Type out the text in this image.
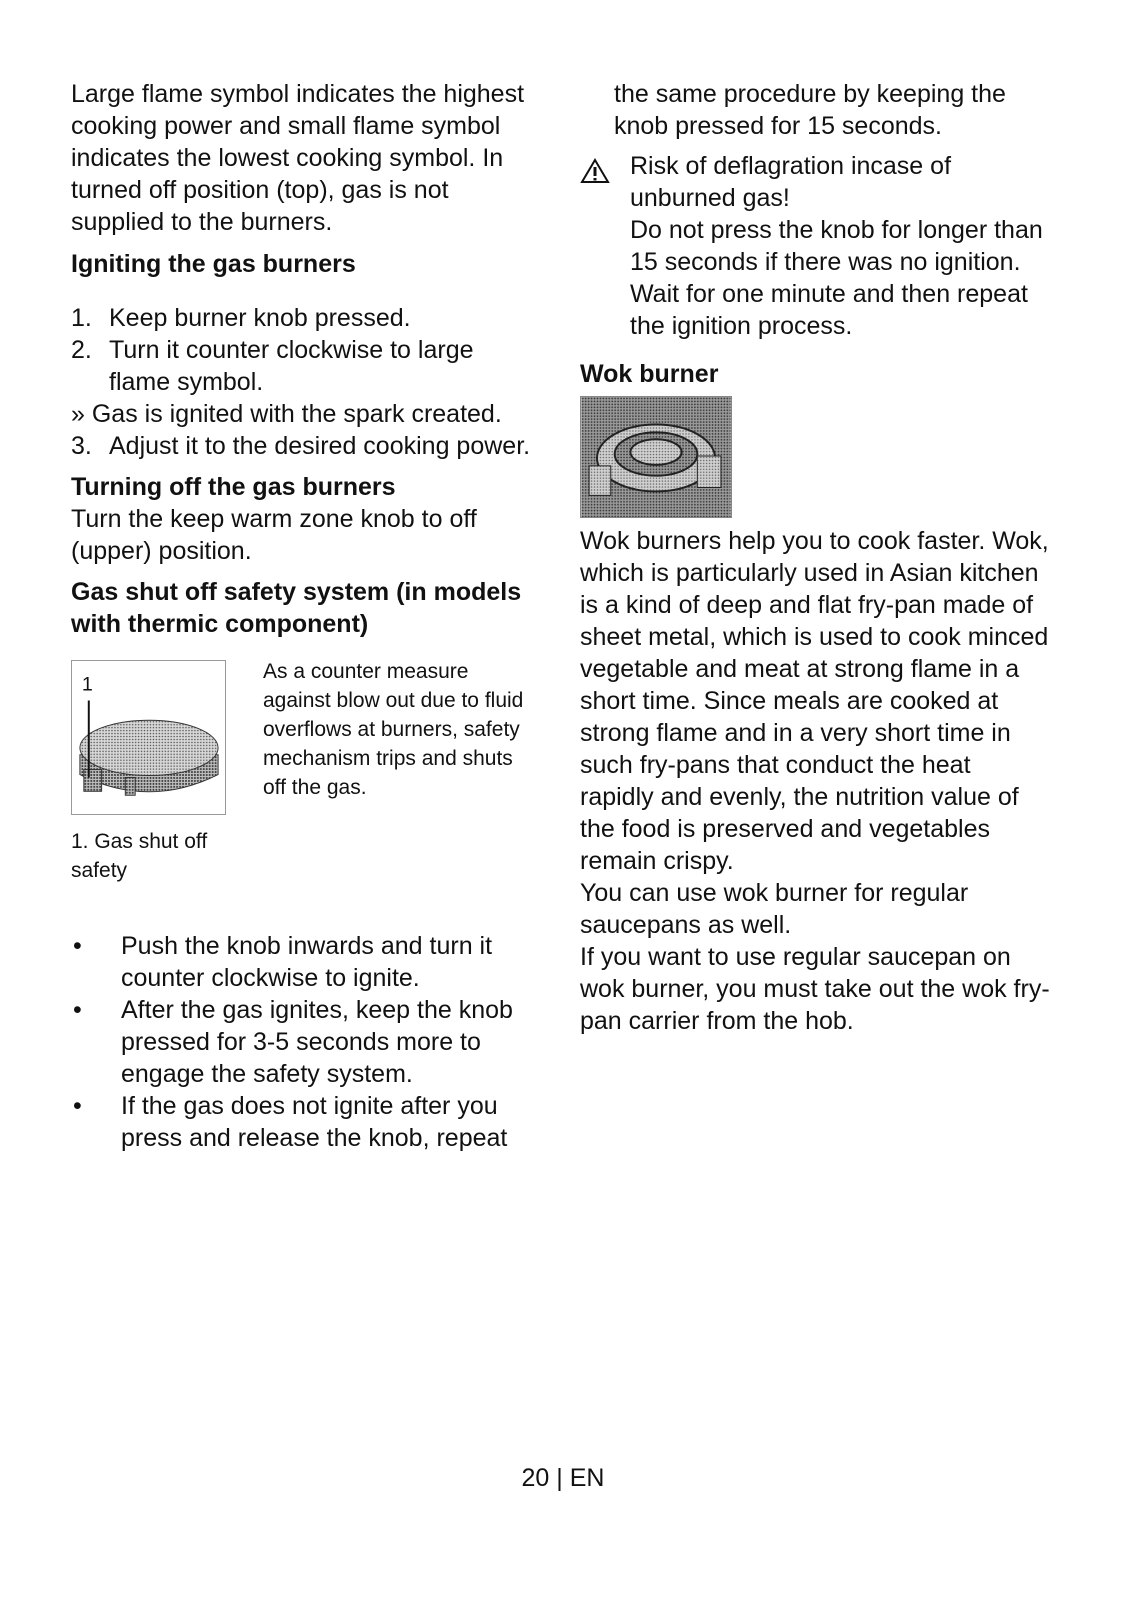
Large flame symbol indicates the highest cooking power and small flame symbol indicates the lowest cooking symbol. In turned off position (top), gas is not supplied to the burners.

Igniting the gas burners

1. Keep burner knob pressed.
2. Turn it counter clockwise to large flame symbol.
» Gas is ignited with the spark created.
3. Adjust it to the desired cooking power.

Turning off the gas burners

Turn the keep warm zone knob to off (upper) position.

Gas shut off safety system (in models with thermic component)

1
1. Gas shut off safety
As a counter measure against blow out due to fluid overflows at burners, safety mechanism trips and shuts off the gas.
•	Push the knob inwards and turn it counter clockwise to ignite.
•	After the gas ignites, keep the knob pressed for 3-5 seconds more to engage the safety system.
•	If the gas does not ignite after you press and release the knob, repeat

the same procedure by keeping the knob pressed for 15 seconds.

Risk of deflagration incase of unburned gas!

Do not press the knob for longer than 15 seconds if there was no ignition.

Wait for one minute and then repeat the ignition process.

Wok burner

Wok burners help you to cook faster. Wok, which is particularly used in Asian kitchen is a kind of deep and flat fry-pan made of sheet metal, which is used to cook minced vegetable and meat at strong flame in a short time. Since meals are cooked at strong flame and in a very short time in such fry-pans that conduct the heat rapidly and evenly, the nutrition value of the food is preserved and vegetables remain crispy.

You can use wok burner for regular saucepans as well.

If you want to use regular saucepan on wok burner, you must take out the wok fry-pan carrier from the hob.

20 | EN
